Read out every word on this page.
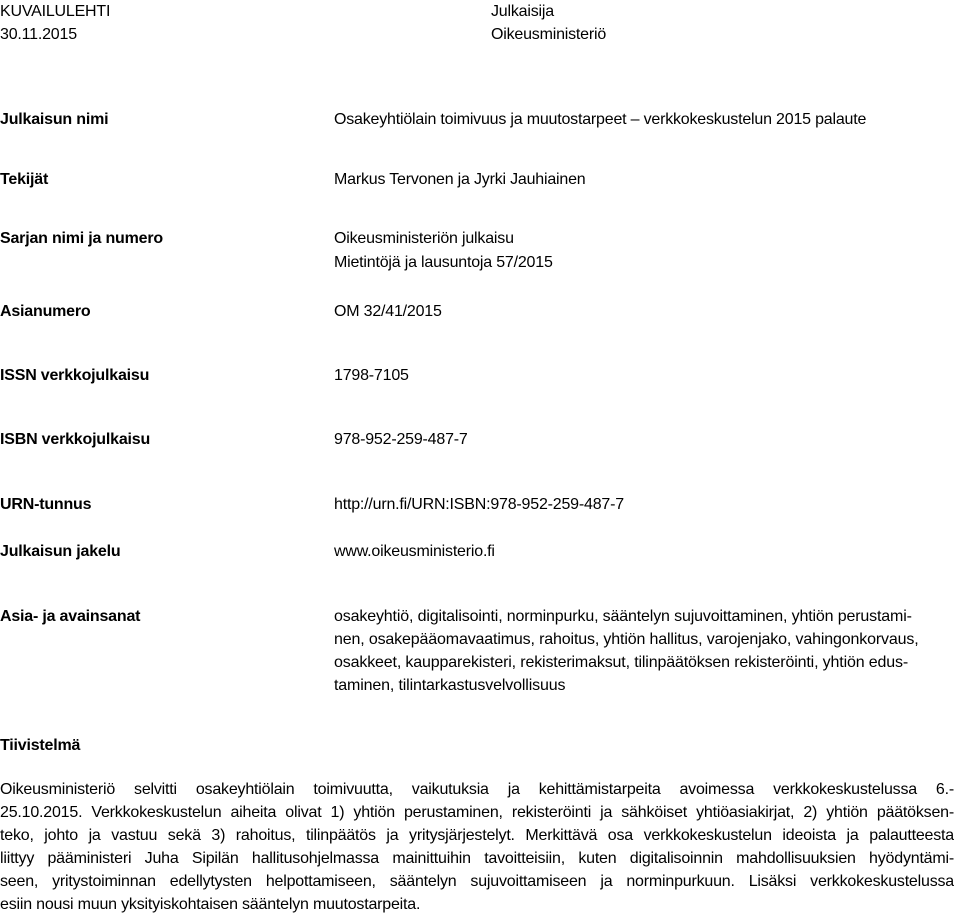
KUVAILULEHTI
30.11.2015
Julkaisija
Oikeusministeriö
Julkaisun nimi	Osakeyhtiölain toimivuus ja muutostarpeet – verkkokeskustelun 2015 palaute
Tekijät	Markus Tervonen ja Jyrki Jauhiainen
Sarjan nimi ja numero	Oikeusministeriön julkaisu
Mietintöjä ja lausuntoja 57/2015
Asianumero	OM 32/41/2015
ISSN verkkojulkaisu	1798-7105
ISBN verkkojulkaisu	978-952-259-487-7
URN-tunnus	http://urn.fi/URN:ISBN:978-952-259-487-7
Julkaisun jakelu	www.oikeusministerio.fi
Asia- ja avainsanat	osakeyhtiö, digitalisointi, norminpurku, sääntelyn sujuvoittaminen, yhtiön perustami-
nen, osakepääomavaatimus, rahoitus, yhtiön hallitus, varojenjako, vahingonkorvaus,
osakkeet, kaupparekisteri, rekisterimaksut, tilinpäätöksen rekisteröinti, yhtiön edus-
taminen, tilintarkastusvelvollisuus
Tiivistelmä
Oikeusministeriö selvitti osakeyhtiölain toimivuutta, vaikutuksia ja kehittämistarpeita avoimessa verkkokeskustelussa 6.-
25.10.2015. Verkkokeskustelun aiheita olivat 1) yhtiön perustaminen, rekisteröinti ja sähköiset yhtiöasiakirjat, 2) yhtiön päätöksen-
teko, johto ja vastuu sekä 3) rahoitus, tilinpäätös ja yritysjärjestelyt. Merkittävä osa verkkokeskustelun ideoista ja palautteesta
liittyy pääministeri Juha Sipilän hallitusohjelmassa mainittuihin tavoitteisiin, kuten digitalisoinnin mahdollisuuksien hyödyntämi-
seen, yritystoiminnan edellytysten helpottamiseen, sääntelyn sujuvoittamiseen ja norminpurkuun. Lisäksi verkkokeskustelussa
esiin nousi muun yksityiskohtaisen sääntelyn muutostarpeita.
